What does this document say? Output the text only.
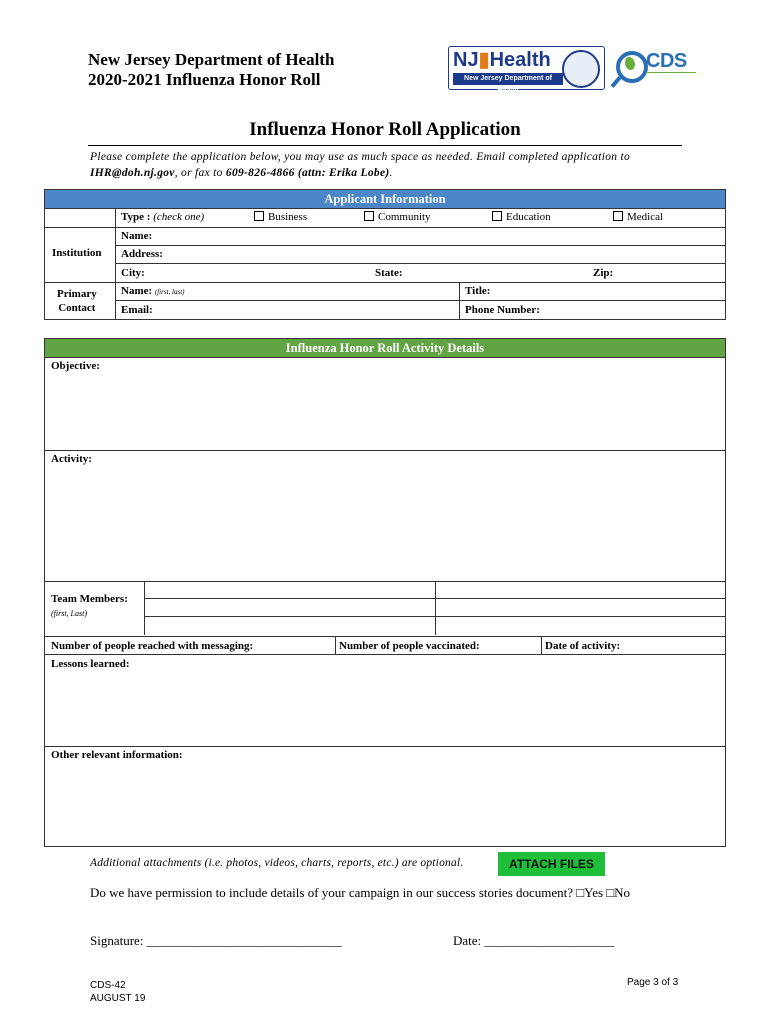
New Jersey Department of Health
2020-2021 Influenza Honor Roll
NJ▮Health
New Jersey Department of Health
CDS
Influenza Honor Roll Application
Please complete the application below, you may use as much space as needed. Email completed application to
IHR@doh.nj.gov, or fax to 609-826-4866 (attn: Erika Lobe).
Applicant Information
Type : (check one)	Business	Community	Education	Medical
Institution
Name:
Address:
City:	State:	Zip:
Primary
Contact
Name: (first, last)	Title:
Email:	Phone Number:
Influenza Honor Roll Activity Details
Objective:
Activity:
Team Members:
(first, Last)
Number of people reached with messaging:	Number of people vaccinated:	Date of activity:
Lessons learned:
Other relevant information:
Additional attachments (i.e. photos, videos, charts, reports, etc.) are optional.	ATTACH FILES
Do we have permission to include details of your campaign in our success stories document? □Yes □No
Signature: ______________________________	Date: ____________________
CDS-42
AUGUST 19
Page 3 of 3
